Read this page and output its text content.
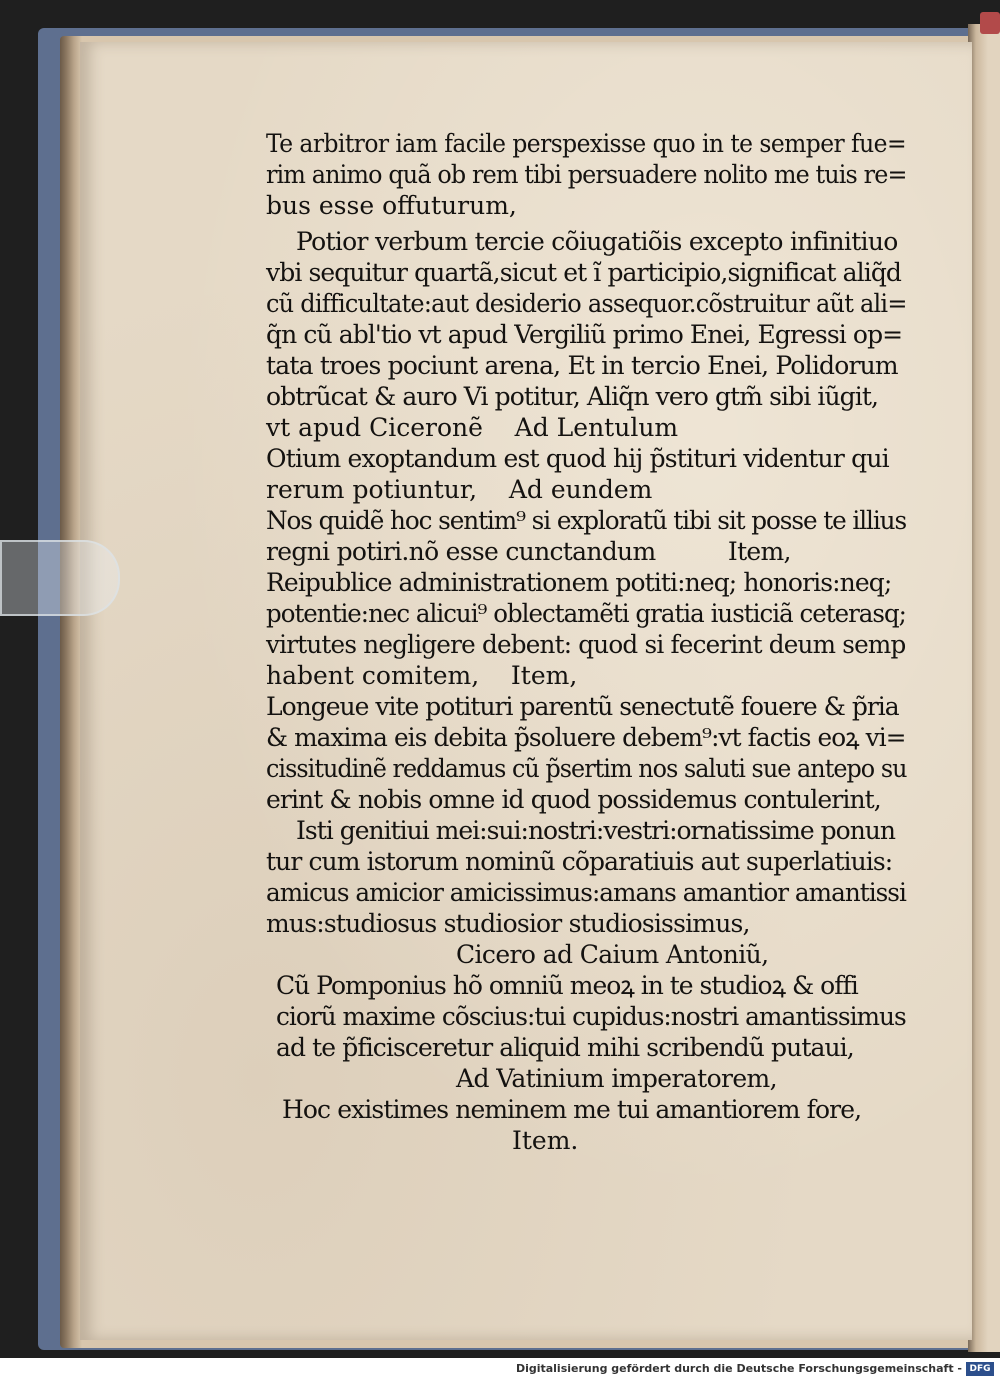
Te arbitror iam facile perspexisse quo in te semper fue=
rim animo quã ob rem tibi persuadere nolito me tuis re=
bus esse offuturum,
Potior verbum tercie cõiugatiõis excepto infinitiuo
vbi sequitur quartã,sicut et ĩ participio,significat aliq̃d
cũ difficultate:aut desiderio assequor.cõstruitur aũt ali=
q̃n cũ abl'tio vt apud Vergiliũ primo Enei, Egressi op=
tata troes pociunt arena, Et in tercio Enei, Polidorum
obtrũcat & auro Vi potitur, Aliq̃n vero gtm̃ sibi iũgit,
vt apud Ciceronẽ    Ad Lentulum
Otium exoptandum est quod hij p̃stituri videntur qui
rerum potiuntur,    Ad eundem
Nos quidẽ hoc sentim⁹ si exploratũ tibi sit posse te illius
regni potiri.nõ esse cunctandum          Item,
Reipublice administrationem potiti:neq; honoris:neq;
potentie:nec alicui⁹ oblectamẽti gratia iusticiã ceterasq;
virtutes negligere debent: quod si fecerint deum semp
habent comitem,    Item,
Longeue vite potituri parentũ senectutẽ fouere & p̃ria
& maxima eis debita p̃soluere debem⁹:vt factis eoꝝ vi=
cissitudinẽ reddamus cũ p̃sertim nos saluti sue antepo su
erint & nobis omne id quod possidemus contulerint,
Isti genitiui mei:sui:nostri:vestri:ornatissime ponun
tur cum istorum nominũ cõparatiuis aut superlatiuis:
amicus amicior amicissimus:amans amantior amantissi
mus:studiosus studiosior studiosissimus,
Cicero ad Caium Antoniũ,
Cũ Pomponius hõ omniũ meoꝝ in te studioꝝ & offi
ciorũ maxime cõscius:tui cupidus:nostri amantissimus
ad te p̃ficisceretur aliquid mihi scribendũ putaui,
Ad Vatinium imperatorem,
Hoc existimes neminem me tui amantiorem fore,
Item.
Digitalisierung gefördert durch die Deutsche Forschungsgemeinschaft - DFG
